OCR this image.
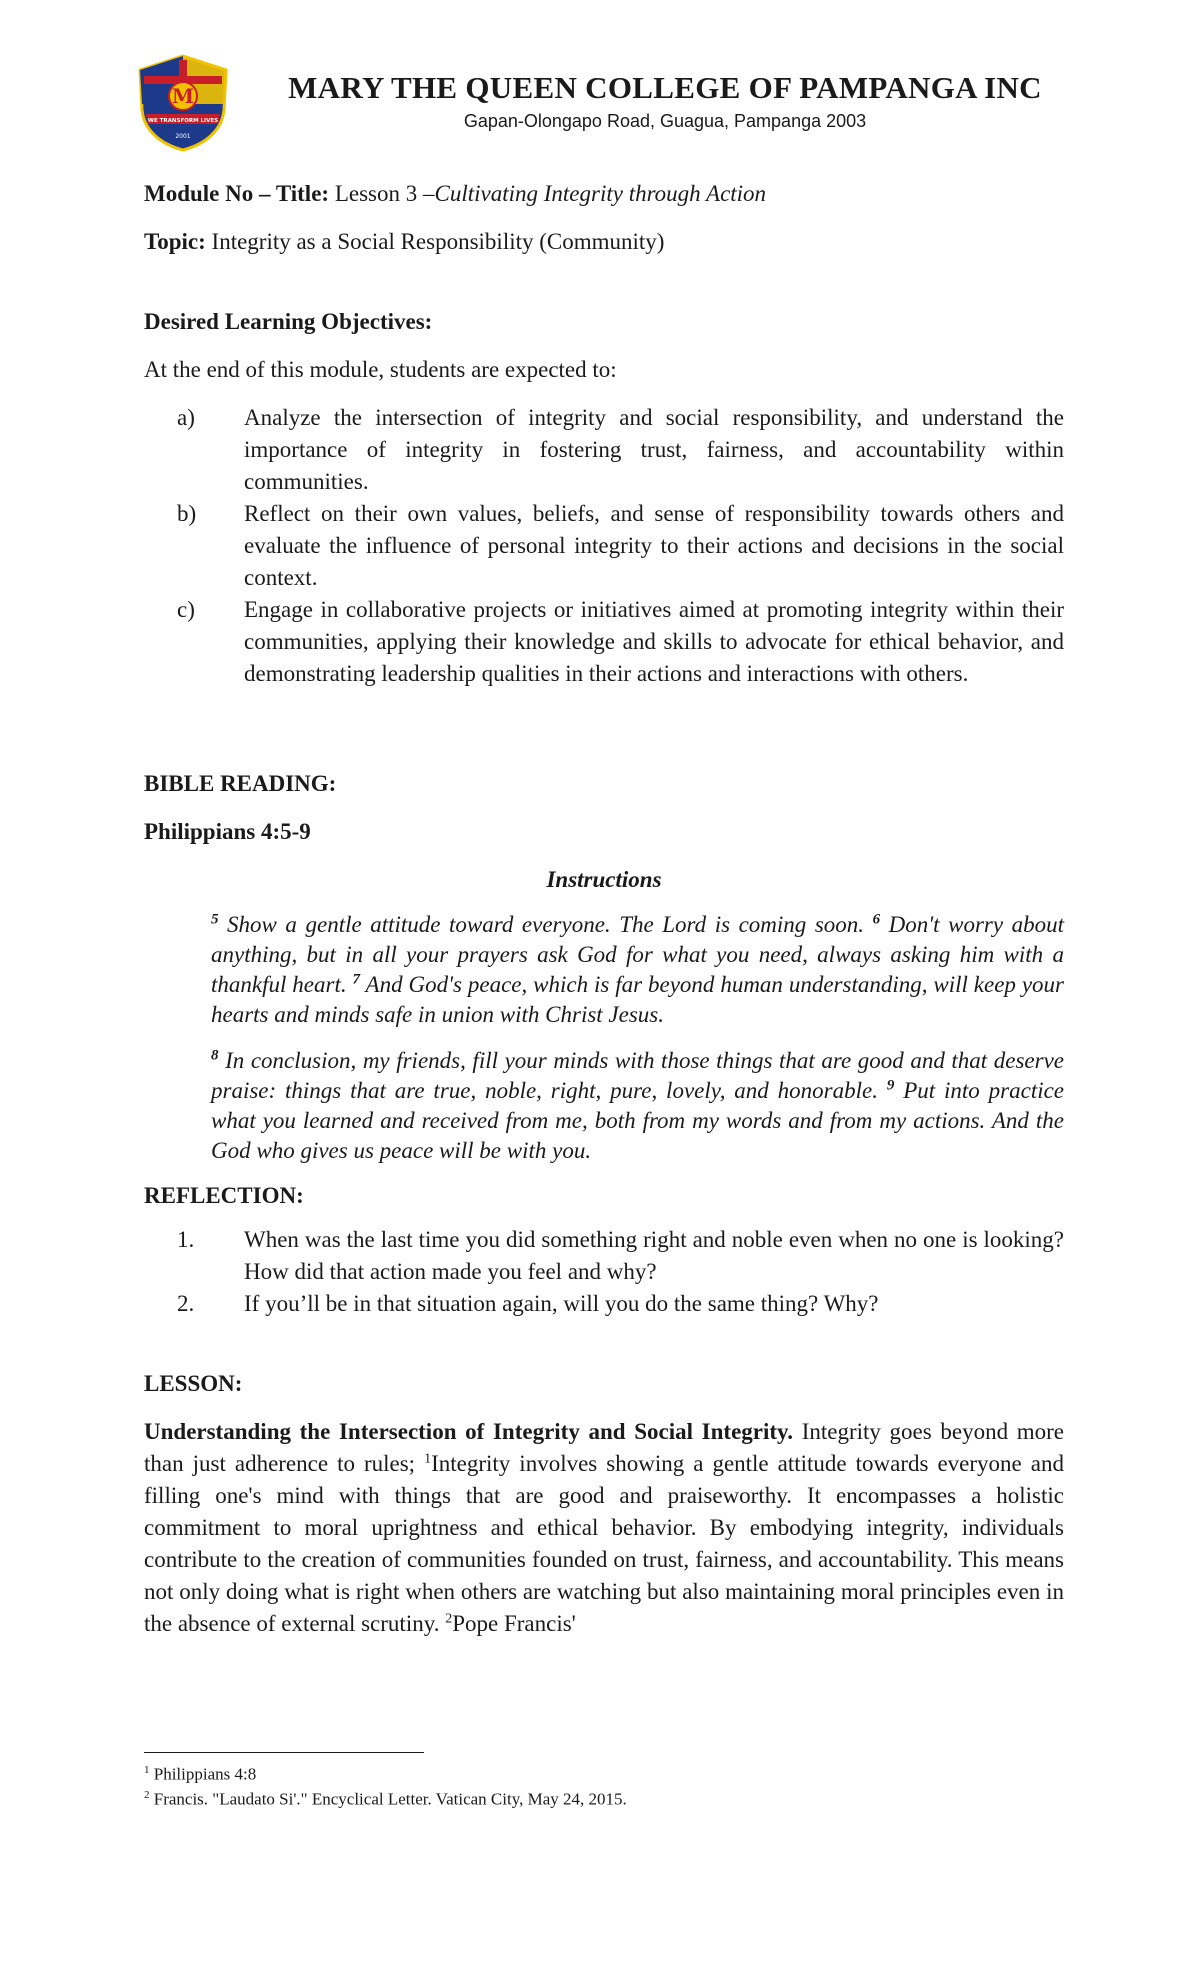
M
WE TRANSFORM LIVES
2001
MARY THE QUEEN COLLEGE OF PAMPANGA INC
Gapan-Olongapo Road, Guagua, Pampanga 2003

Module No – Title: Lesson 3 –Cultivating Integrity through Action

Topic: Integrity as a Social Responsibility (Community)

Desired Learning Objectives:

At the end of this module, students are expected to:

a) Analyze the intersection of integrity and social responsibility, and understand the importance of integrity in fostering trust, fairness, and accountability within communities.

b) Reflect on their own values, beliefs, and sense of responsibility towards others and evaluate the influence of personal integrity to their actions and decisions in the social context.

c) Engage in collaborative projects or initiatives aimed at promoting integrity within their communities, applying their knowledge and skills to advocate for ethical behavior, and demonstrating leadership qualities in their actions and interactions with others.

BIBLE READING:

Philippians 4:5-9

Instructions

$^5$ Show a gentle attitude toward everyone. The Lord is coming soon. $^6$ Don't worry about anything, but in all your prayers ask God for what you need, always asking him with a thankful heart. $^7$ And God's peace, which is far beyond human understanding, will keep your hearts and minds safe in union with Christ Jesus.

$^8$ In conclusion, my friends, fill your minds with those things that are good and that deserve praise: things that are true, noble, right, pure, lovely, and honorable. $^9$ Put into practice what you learned and received from me, both from my words and from my actions. And the God who gives us peace will be with you.

REFLECTION:

1. When was the last time you did something right and noble even when no one is looking? How did that action made you feel and why?

2. If you’ll be in that situation again, will you do the same thing? Why?

LESSON:

Understanding the Intersection of Integrity and Social Integrity. Integrity goes beyond more than just adherence to rules; $^1$Integrity involves showing a gentle attitude towards everyone and filling one's mind with things that are good and praiseworthy. It encompasses a holistic commitment to moral uprightness and ethical behavior. By embodying integrity, individuals contribute to the creation of communities founded on trust, fairness, and accountability. This means not only doing what is right when others are watching but also maintaining moral principles even in the absence of external scrutiny. $^2$Pope Francis'

$^1$ Philippians 4:8

$^2$ Francis. "Laudato Si'." Encyclical Letter. Vatican City, May 24, 2015.
